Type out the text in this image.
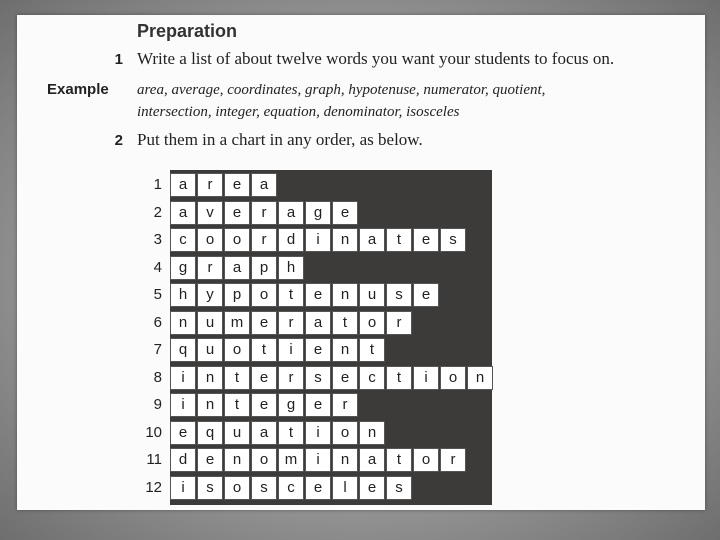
Preparation
1 Write a list of about twelve words you want your students to focus on.
Example area, average, coordinates, graph, hypotenuse, numerator, quotient,
intersection, integer, equation, denominator, isosceles
2 Put them in a chart in any order, as below.
1	a	r	e	a
2	a	v	e	r	a	g	e
3	c	o	o	r	d	i	n	a	t	e	s
4	g	r	a	p	h
5	h	y	p	o	t	e	n	u	s	e
6	n	u	m	e	r	a	t	o	r
7	q	u	o	t	i	e	n	t
8	i	n	t	e	r	s	e	c	t	i	o	n
9	i	n	t	e	g	e	r
10	e	q	u	a	t	i	o	n
11	d	e	n	o	m	i	n	a	t	o	r
12	i	s	o	s	c	e	l	e	s
